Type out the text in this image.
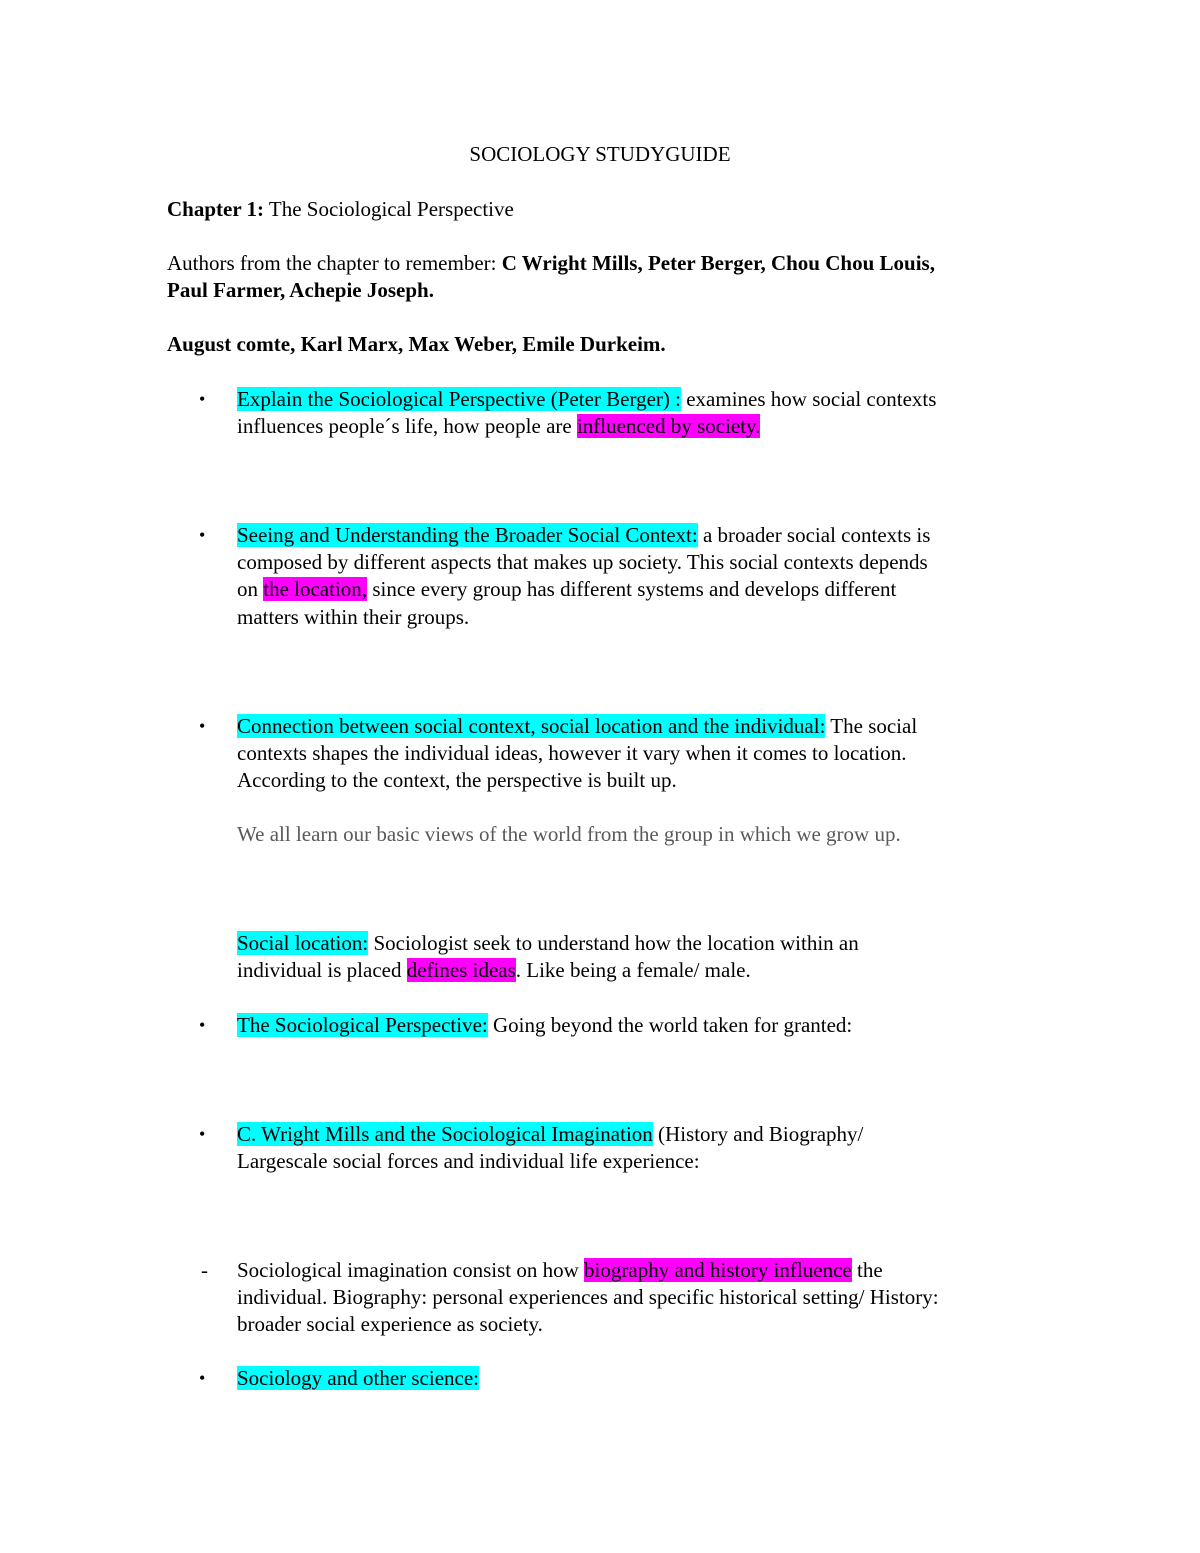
SOCIOLOGY STUDYGUIDE
Chapter 1: The Sociological Perspective
Authors from the chapter to remember: C Wright Mills, Peter Berger, Chou Chou Louis,
Paul Farmer, Achepie Joseph.
August comte, Karl Marx, Max Weber, Emile Durkeim.
• Explain the Sociological Perspective (Peter Berger) : examines how social contexts
influences people´s life, how people are influenced by society.
• Seeing and Understanding the Broader Social Context: a broader social contexts is
composed by different aspects that makes up society. This social contexts depends
on the location, since every group has different systems and develops different
matters within their groups.
• Connection between social context, social location and the individual: The social
contexts shapes the individual ideas, however it vary when it comes to location.
According to the context, the perspective is built up.
We all learn our basic views of the world from the group in which we grow up.
Social location: Sociologist seek to understand how the location within an
individual is placed defines ideas. Like being a female/ male.
• The Sociological Perspective: Going beyond the world taken for granted:
• C. Wright Mills and the Sociological Imagination (History and Biography/
Largescale social forces and individual life experience:
- Sociological imagination consist on how biography and history influence the
individual. Biography: personal experiences and specific historical setting/ History:
broader social experience as society.
• Sociology and other science:
